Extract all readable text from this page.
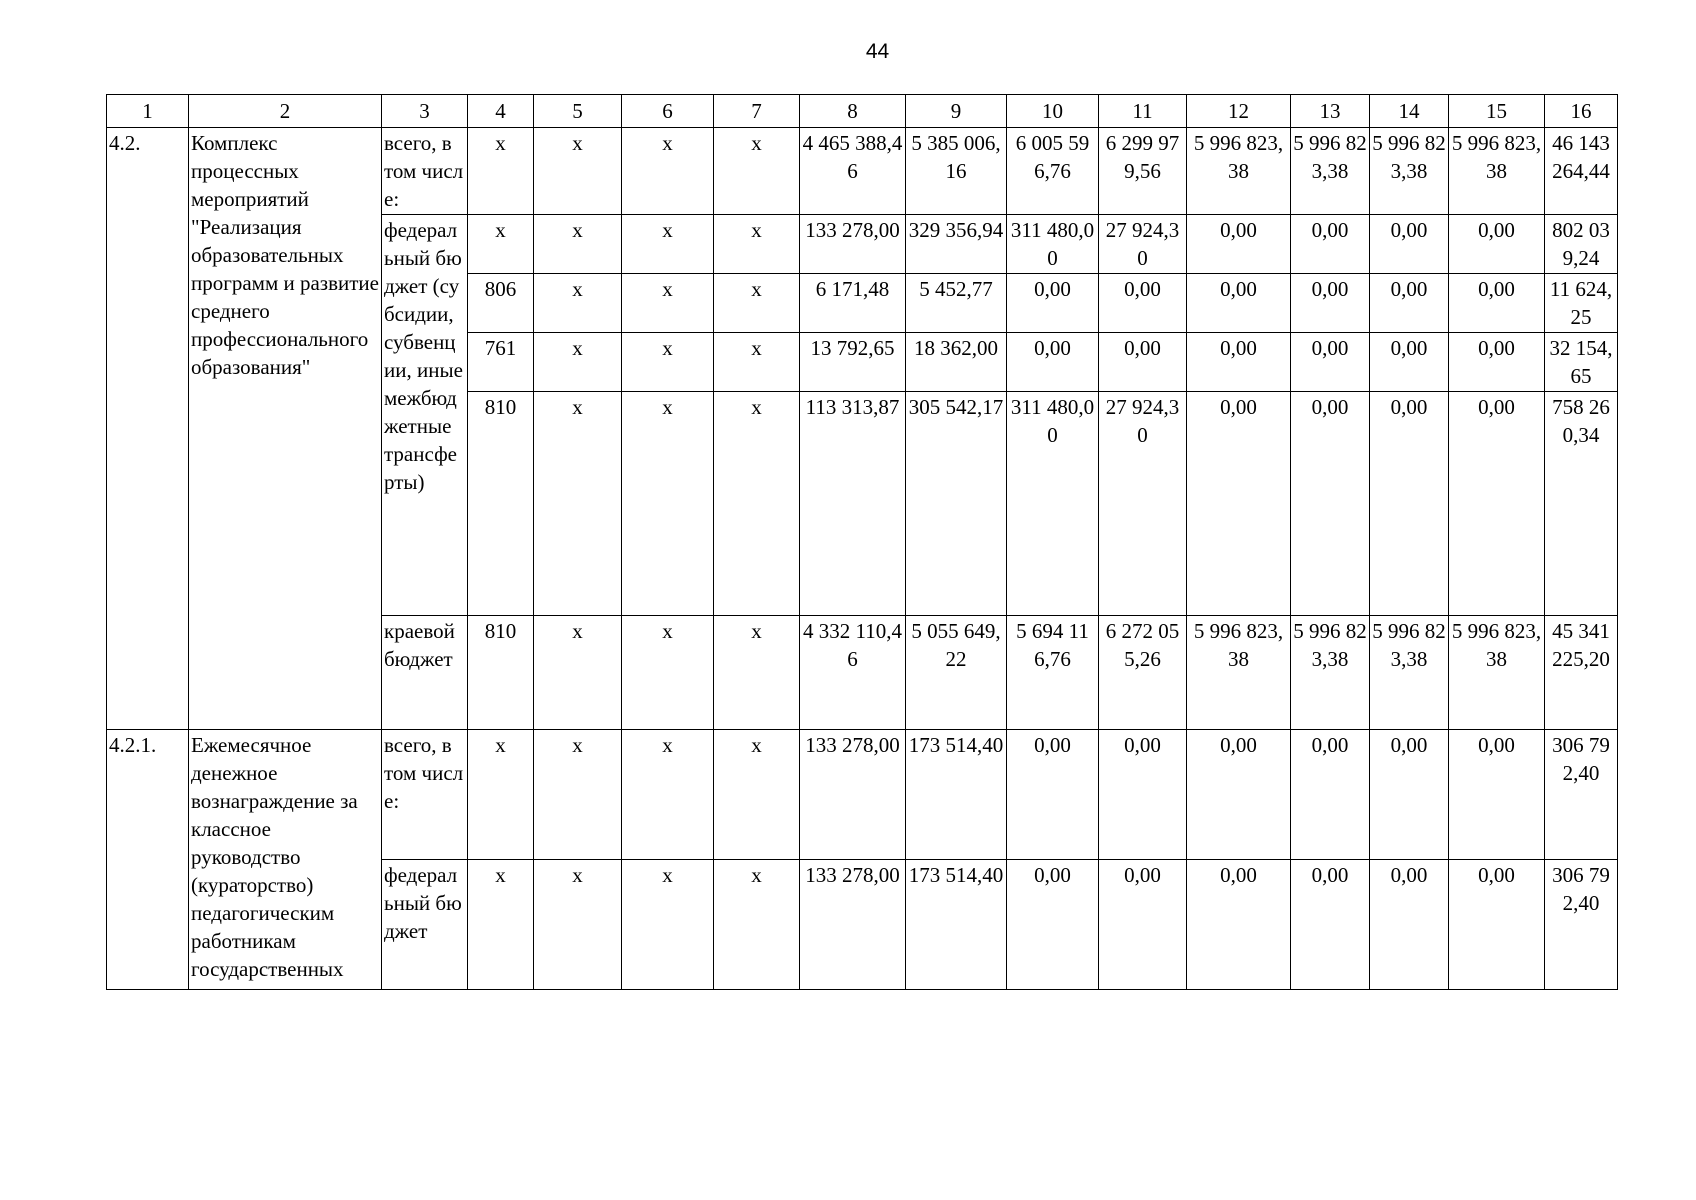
44
1	2	3	4	5	6	7	8	9	10	11	12	13	14	15	16
4.2.	Комплекс процессных мероприятий "Реализация образовательных программ и развитие среднего профессионального образования"	всего, в том числе:	x	x	x	x	4 465 388,46	5 385 006,16	6 005 596,76	6 299 979,56	5 996 823,38	5 996 823,38	5 996 823,38	5 996 823,38	46 143 264,44

		федеральный бюджет (субсидии, субвенции, иные межбюджетные трансферты)	x	x	x	x	133 278,00	329 356,94	311 480,00	27 924,30	0,00	0,00	0,00	0,00	802 039,24

			806	x	x	x	6 171,48	5 452,77	0,00	0,00	0,00	0,00	0,00	0,00	11 624,25

			761	x	x	x	13 792,65	18 362,00	0,00	0,00	0,00	0,00	0,00	0,00	32 154,65

			810	x	x	x	113 313,87	305 542,17	311 480,00	27 924,30	0,00	0,00	0,00	0,00	758 260,34

		краевой бюджет	810	x	x	x	4 332 110,46	5 055 649,22	5 694 116,76	6 272 055,26	5 996 823,38	5 996 823,38	5 996 823,38	5 996 823,38	45 341 225,20

4.2.1.	Ежемесячное денежное вознаграждение за классное руководство (кураторство) педагогическим работникам государственных	всего, в том числе:	x	x	x	x	133 278,00	173 514,40	0,00	0,00	0,00	0,00	0,00	0,00	306 792,40

		федеральный бюджет	x	x	x	x	133 278,00	173 514,40	0,00	0,00	0,00	0,00	0,00	0,00	306 792,40
